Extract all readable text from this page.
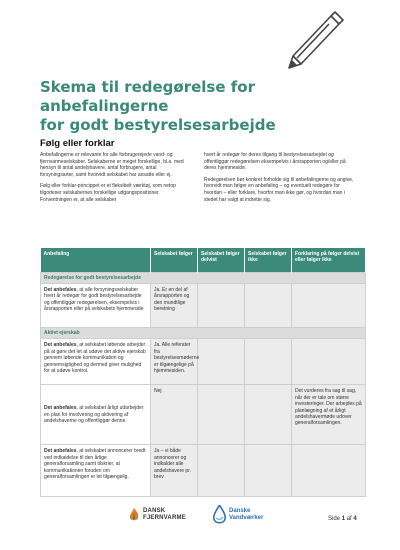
Skema til redegørelse for anbefalingerne
for godt bestyrelsesarbejde
Følg eller forklar

Anbefalingerne er relevante for alle forbrugerejede vand- og fjernvarmeselskaber. Selskaberne er meget forskellige, bl.a. med hensyn til antal andelshavere, antal forbrugere, antal forsyningsarter, samt hvorvidt selskabet har ansatte eller ej.

Følg eller forklar-princippet er et fleksibelt værktøj, som netop tilgodeser selskabernes forskellige udgangspositioner. Forventningen er, at alle selskaber

hvert år redegør for deres tilgang til bestyrelsesarbejdet og offentliggør redegørelsen eksempelvis i årsrapporten og/eller på deres hjemmeside.

Redegørelsen bør konkret forholde sig til anbefalingerne og angive, hvorvidt man følger en anbefaling – og eventuelt redegøre for hvordan – eller forklare, hvorfor man ikke gør, og hvordan man i stedet har valgt at indrette sig.

Anbefaling	Selskabet følger	Selskabet følger delvist	Selskabet følger ikke	Forklaring på følger delvist eller følger ikke
Redegørelse for godt bestyrelsesarbejde				
Det anbefales, at alle forsyningsselskaber hvert år redegør for godt bestyrelsesarbejde og offentliggør redegørelsen, eksempelvis i årsrapporten eller på selskabets hjemmeside	Ja. Er en del af årsrapporten og den mundtlige beretning			
Aktivt ejerskab				
Det anbefales, at selskabet løbende arbejder på at gøre det let at udøve det aktive ejerskab gennem løbende kommunikation og gennemsigtighed og dermed giver mulighed for at udøve kontrol.	Ja. Alle referater fra bestyrelsesmøderne er tilgængelige på hjemmesiden.			
Det anbefales, at selskabet årligt udarbejder en plan for involvering og aktivering af andelshaverne og offentliggør denne.	Nej			Det vurderes fra sag til sag, når der er tale om større investeringer. Der arbejdes på planlægning af et årligt andelshavermøde udover generalforsamlingen.
Det anbefales, at selskabet annoncerer bredt ved indkaldelse til den årlige generalforsamling samt tilskrier, at kommunikationen foruden om generalforsamlingen er let tilgængelig.	Ja – vi både annoncerer og indkalder alle andelshavere pr. brev			
DANSK
FJERNVARME
Danske
Vandværker	Side 1 af 4
